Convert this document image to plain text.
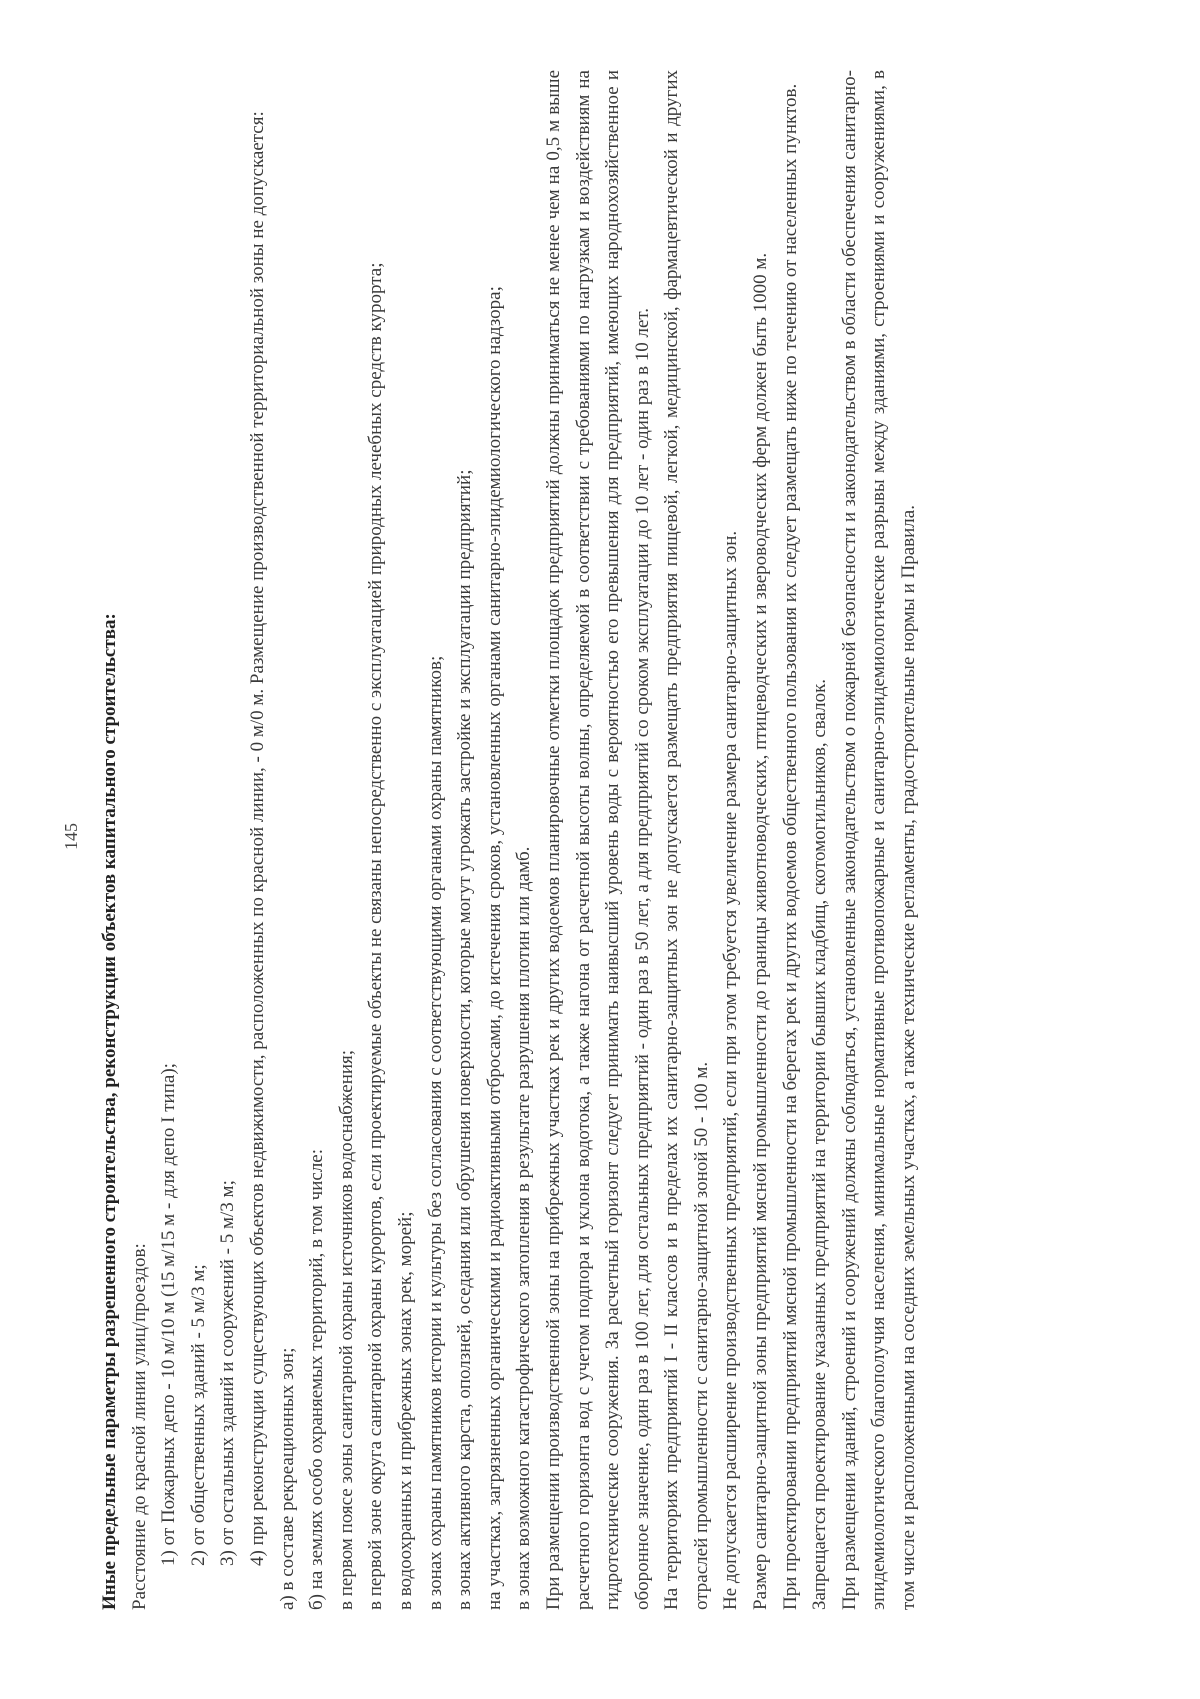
145 Иные предельные параметры разрешенного строительства, реконструкции объектов капитального строительства: Расстояние до красной линии улиц/проездов: 1) от Пожарных депо - 10 м/10 м (15 м/15 м - для депо I типа); 2) от общественных зданий - 5 м/3 м; 3) от остальных зданий и сооружений - 5 м/3 м; 4) при реконструкции существующих объектов недвижимости, расположенных по красной линии, - 0 м/0 м. Размещение производственной территориальной зоны не допускается: а) в составе рекреационных зон; б) на землях особо охраняемых территорий, в том числе: в первом поясе зоны санитарной охраны источников водоснабжения; в первой зоне округа санитарной охраны курортов, если проектируемые объекты не связаны непосредственно с эксплуатацией природных лечебных средств курорта; в водоохранных и прибрежных зонах рек, морей; в зонах охраны памятников истории и культуры без согласования с соответствующими органами охраны памятников; в зонах активного карста, оползней, оседания или обрушения поверхности, которые могут угрожать застройке и эксплуатации предприятий; на участках, загрязненных органическими и радиоактивными отбросами, до истечения сроков, установленных органами санитарно-эпидемиологического надзора; в зонах возможного катастрофического затопления в результате разрушения плотин или дамб. При размещении производственной зоны на прибрежных участках рек и других водоемов планировочные отметки площадок предприятий должны приниматься не менее чем на 0,5 м выше расчетного горизонта вод с учетом подпора и уклона водотока, а также нагона от расчетной высоты волны, определяемой в соответствии с требованиями по нагрузкам и воздействиям на гидротехнические сооружения. За расчетный горизонт следует принимать наивысший уровень воды с вероятностью его превышения для предприятий, имеющих народнохозяйственное и оборонное значение, один раз в 100 лет, для остальных предприятий - один раз в 50 лет, а для предприятий со сроком эксплуатации до 10 лет - один раз в 10 лет. На территориях предприятий I - II классов и в пределах их санитарно-защитных зон не допускается размещать предприятия пищевой, легкой, медицинской, фармацевтической и других отраслей промышленности с санитарно-защитной зоной 50 - 100 м. Не допускается расширение производственных предприятий, если при этом требуется увеличение размера санитарно-защитных зон. Размер санитарно-защитной зоны предприятий мясной промышленности до границы животноводческих, птицеводческих и звероводческих ферм должен быть 1000 м. При проектировании предприятий мясной промышленности на берегах рек и других водоемов общественного пользования их следует размещать ниже по течению от населенных пунктов. Запрещается проектирование указанных предприятий на территории бывших кладбищ, скотомогильников, свалок. При размещении зданий, строений и сооружений должны соблюдаться, установленные законодательством о пожарной безопасности и законодательством в области обеспечения санитарно-эпидемиологического благополучия населения, минимальные нормативные противопожарные и санитарно-эпидемиологические разрывы между зданиями, строениями и сооружениями, в том числе и расположенными на соседних земельных участках, а также технические регламенты, градостроительные нормы и Правила.
